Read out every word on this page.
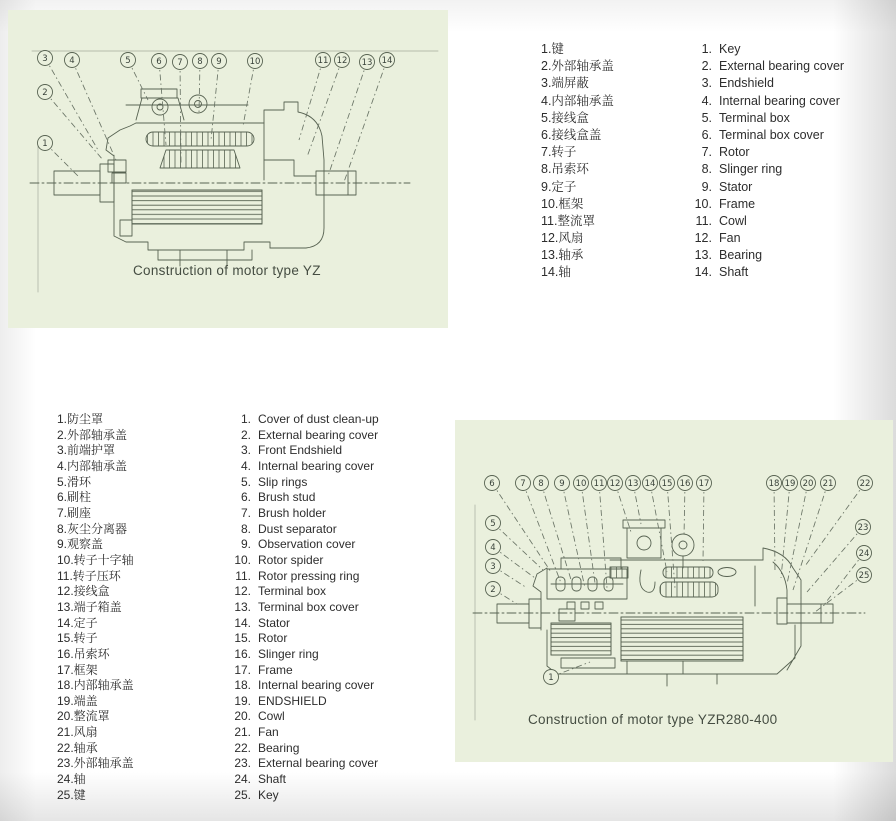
1
2
3	4	5	6 7 8 9	10	11 12 13 14
Construction of motor type YZ
1.键	1. Key
2.外部轴承盖	2. External bearing cover
3.端屏蔽	3. Endshield
4.内部轴承盖	4. Internal bearing cover
5.接线盒	5. Terminal box
6.接线盒盖	6. Terminal box cover
7.转子	7. Rotor
8.吊索环	8. Slinger ring
9.定子	9. Stator
10.框架	10. Frame
11.整流罩	11. Cowl
12.风扇	12. Fan
13.轴承	13. Bearing
14.轴	14. Shaft
1.防尘罩	1. Cover of dust clean-up
2.外部轴承盖	2. External bearing cover
3.前端护罩	3. Front Endshield
4.内部轴承盖	4. Internal bearing cover
5.滑环	5. Slip rings
6.刷柱	6. Brush stud
7.刷座	7. Brush holder
8.灰尘分离器	8. Dust separator
9.观察盖	9. Observation cover
10.转子十字轴	10. Rotor spider
11.转子压环	11. Rotor pressing ring
12.接线盒	12. Terminal box
13.端子箱盖	13. Terminal box cover
14.定子	14. Stator
15.转子	15. Rotor
16.吊索环	16. Slinger ring
17.框架	17. Frame
18.内部轴承盖	18. Internal bearing cover
19.端盖	19. ENDSHIELD
20.整流罩	20. Cowl
21.风扇	21. Fan
22.轴承	22. Bearing
23.外部轴承盖	23. External bearing cover
24.轴	24. Shaft
25.键	25. Key
1
2
3
4
5
6	7 8 9 10 11 12 13 14 15 16 17	18 19 20 21	22
23
24
25
Construction of motor type YZR280-400
